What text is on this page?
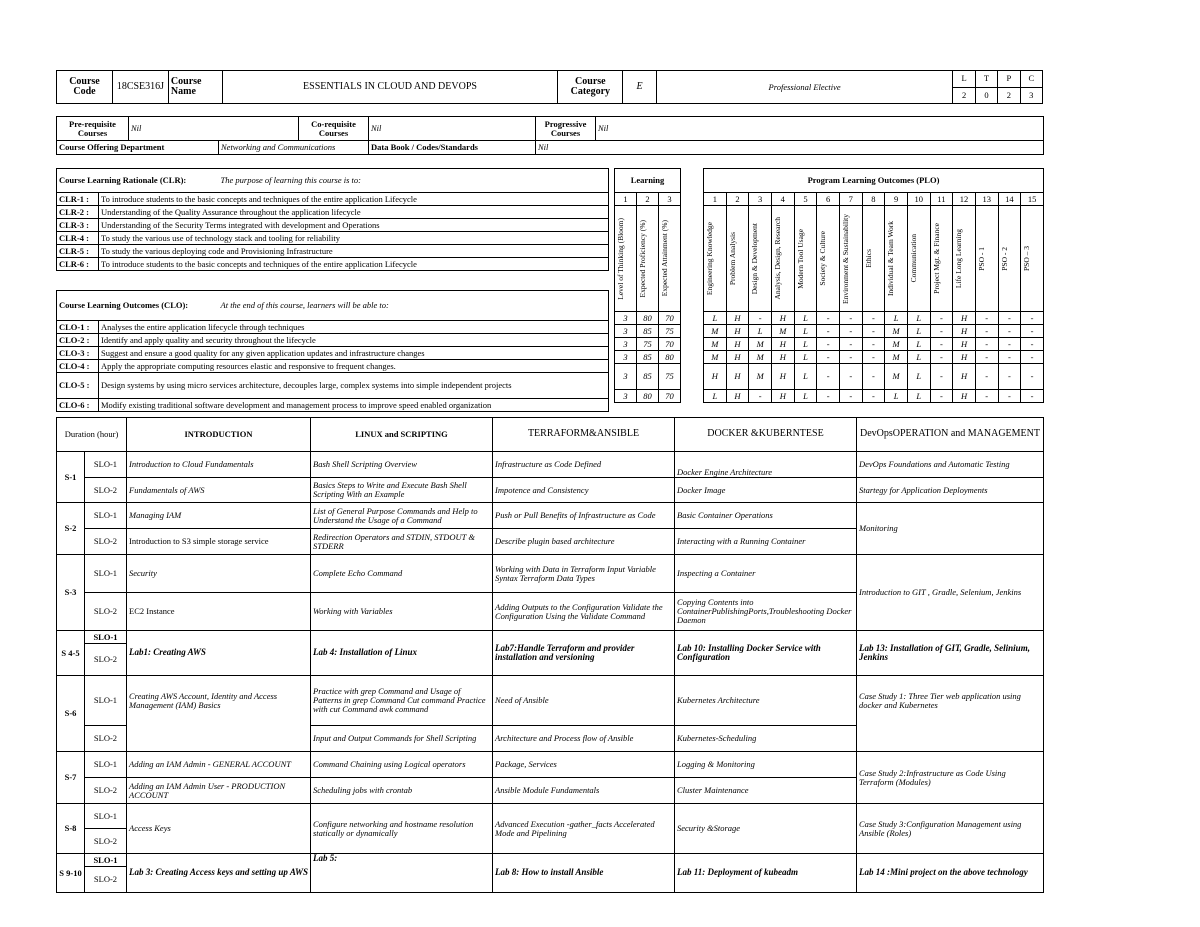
Course Code	18CSE316J	Course Name	ESSENTIALS IN CLOUD AND DEVOPS	Course Category	E	Professional Elective	L	T	P	C
							2	0	2	3
Pre-requisite Courses	Nil		Co-requisite Courses	Nil	Progressive Courses	Nil
Course Offering Department		Networking and Communications		Data Book / Codes/Standards	Nil	
Course Learning Rationale (CLR):		The purpose of learning this course is to:
CLR-1 :	To introduce students to the basic concepts and techniques of the entire application Lifecycle	
CLR-2 :	Understanding of the Quality Assurance throughout the application lifecycle	
CLR-3 :	Understanding of the Security Terms integrated with development and Operations	
CLR-4 :	To study the various use of technology stack and tooling for reliability	
CLR-5 :	To study the various deploying code and Provisioning Infrastructure	
CLR-6 :	To introduce students to the basic concepts and techniques of the entire application Lifecycle	

Course Learning Outcomes (CLO):		At the end of this course, learners will be able to:
CLO-1 :	Analyses the entire application lifecycle through techniques	
CLO-2 :	Identify and apply quality and security throughout the lifecycle	
CLO-3 :	Suggest and ensure a good quality for any given application updates and infrastructure changes	
CLO-4 :	Apply the appropriate computing resources elastic and responsive to frequent changes.	
CLO-5 :	Design systems by using micro services architecture, decouples large, complex systems into simple independent projects	
CLO-6 :	Modify existing traditional software development and management process to improve speed enabled organization	
Learning		
1	2	3

Level of Thinking (Bloom)	Expected Proficiency (%)	Expected Attainment (%)

3	80	70
3	85	75
3	75	70
3	85	80
3	85	75
3	80	70
Program Learning Outcomes (PLO)														
1	2	3	4	5	6	7	8	9	10	11	12	13	14	15

Engineering Knowledge	Problem Analysis	Design & Development	Analysis, Design, Research	Modern Tool Usage	Society & Culture	Environment & Sustainability	Ethics	Individual & Team Work	Communication	Project Mgt. & Finance	Life Long Learning	PSO - 1	PSO - 2	PSO – 3

L	H	-	H	L	-	-	-	L	L	-	H	-	-	-
M	H	L	M	L	-	-	-	M	L	-	H	-	-	-
M	H	M	H	L	-	-	-	M	L	-	H	-	-	-
M	H	M	H	L	-	-	-	M	L	-	H	-	-	-
H	H	M	H	L	-	-	-	M	L	-	H	-	-	-
L	H	-	H	L	-	-	-	L	L	-	H	-	-	-
Duration (hour)		INTRODUCTION	LINUX and SCRIPTING	TERRAFORM&ANSIBLE	DOCKER &KUBERNTESE	DevOpsOPERATION and MANAGEMENT
S-1	SLO-1	Introduction to Cloud Fundamentals	Bash Shell Scripting Overview	Infrastructure as Code Defined	Docker Engine Architecture	DevOps Foundations and Automatic Testing
	SLO-2	Fundamentals of AWS	Basics Steps to Write and Execute Bash Shell Scripting With an Example	Impotence and Consistency	Docker Image	Startegy for Application Deployments
S-2	SLO-1	Managing IAM	List of General Purpose Commands and Help to Understand the Usage of a Command	Push or Pull Benefits of Infrastructure as Code	Basic Container Operations	Monitoring
	SLO-2	Introduction to S3 simple storage service	Redirection Operators and STDIN, STDOUT & STDERR	Describe plugin based architecture	Interacting with a Running Container	
S-3	SLO-1	Security	Complete Echo Command	Working with Data in Terraform Input Variable Syntax Terraform Data Types	Inspecting a Container	Introduction to GIT , Gradle, Selenium, Jenkins
	SLO-2	EC2 Instance	Working with Variables	Adding Outputs to the Configuration Validate the Configuration Using the Validate Command	Copying Contents into ContainerPublishingPorts,Troubleshooting Docker Daemon	
S 4-5	SLO-1	Lab1: Creating AWS	Lab 4: Installation of Linux	Lab7:Handle Terraform and provider installation and versioning	Lab 10: Installing Docker Service with Configuration	Lab 13: Installation of GIT, Gradle, Selinium, Jenkins
	SLO-2					
S-6	SLO-1	Creating AWS Account, Identity and Access Management (IAM) Basics	Practice with grep Command and Usage of Patterns in grep Command Cut command Practice with cut Command awk command	Need of Ansible	Kubernetes Architecture	Case Study 1: Three Tier web application using docker and Kubernetes
	SLO-2		Input and Output Commands for Shell Scripting	Architecture and Process flow of Ansible	Kubernetes-Scheduling	
S-7	SLO-1	Adding an IAM Admin - GENERAL ACCOUNT	Command Chaining using Logical operators	Package, Services	Logging & Monitoring	Case Study 2:Infrastructure as Code Using Terraform (Modules)
	SLO-2	Adding an IAM Admin User - PRODUCTION ACCOUNT	Scheduling jobs with crontab	Ansible Module Fundamentals	Cluster Maintenance	
S-8	SLO-1	Access Keys	Configure networking and hostname resolution statically or dynamically	Advanced Execution -gather_facts Accelerated Mode and Pipelining	Security &Storage	Case Study 3:Configuration Management using Ansible (Roles)
	SLO-2					
S 9-10	SLO-1	Lab 3: Creating Access keys and setting up AWS	Lab 5:	Lab 8: How to install Ansible	Lab 11: Deployment of kubeadm	Lab 14 :Mini project on the above technology
	SLO-2					
